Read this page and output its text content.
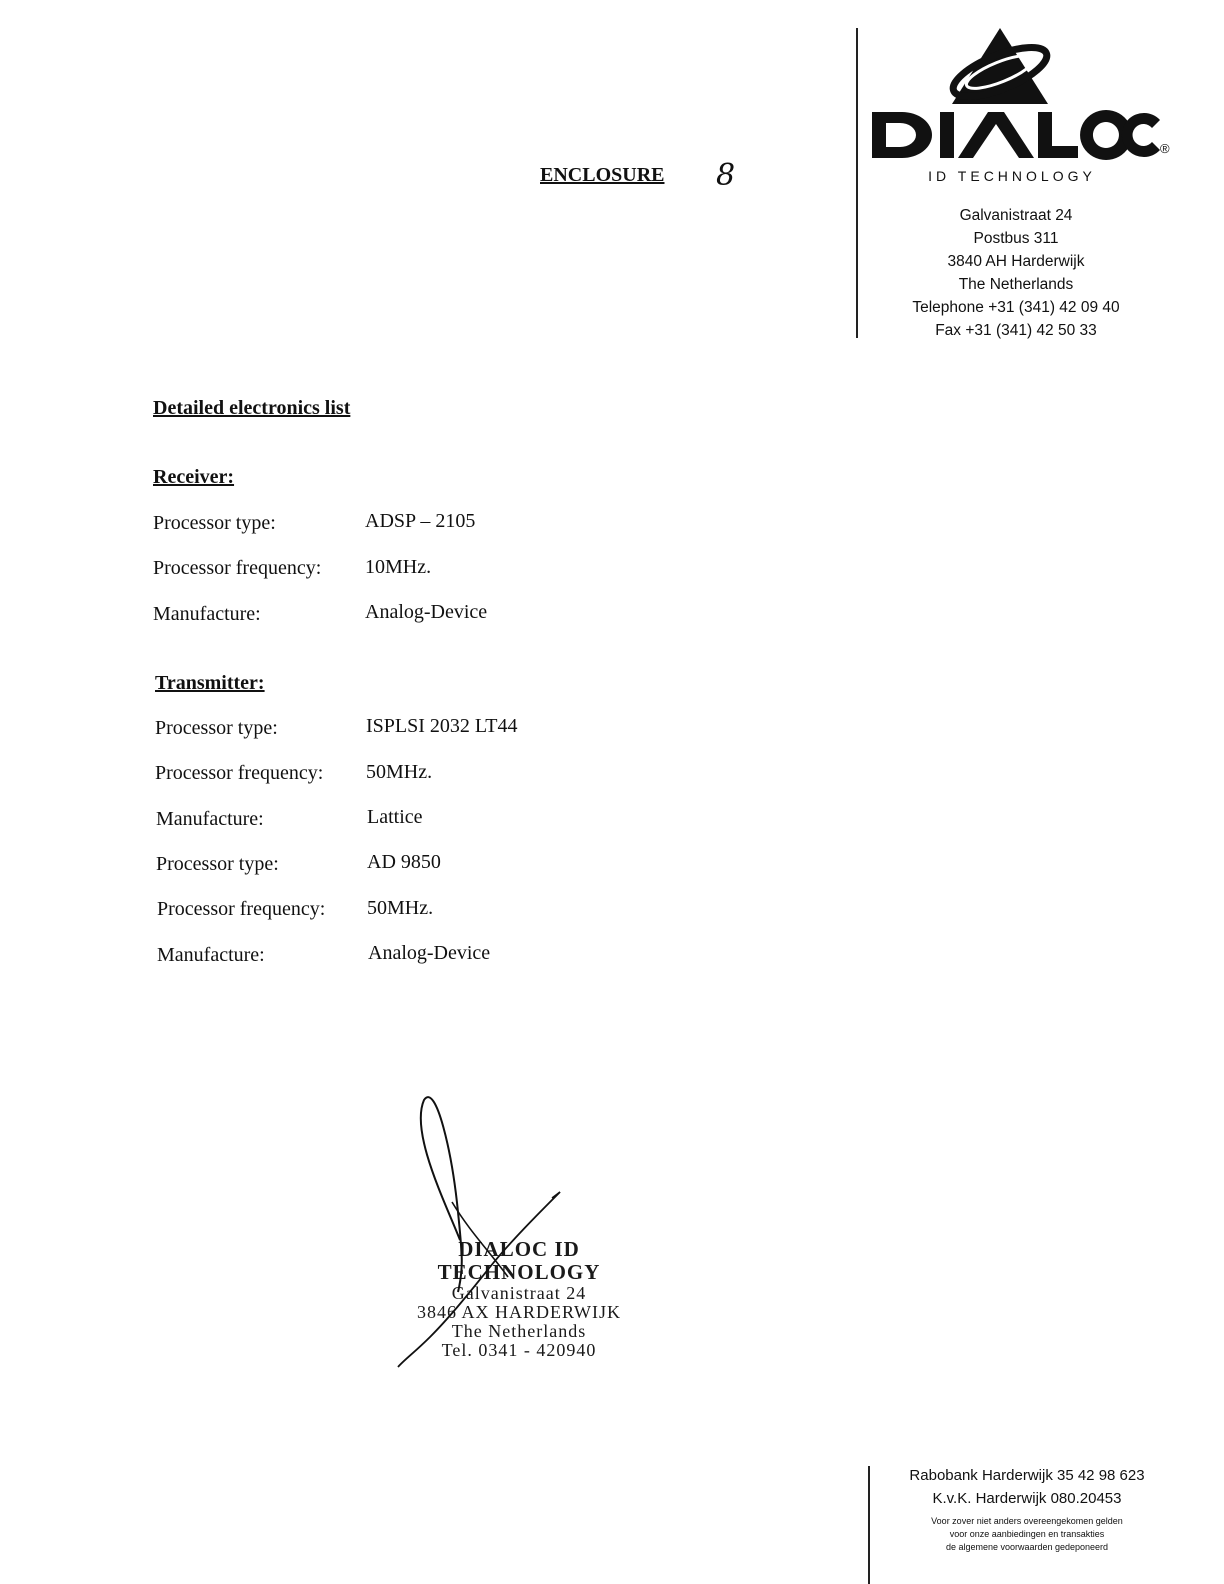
ENCLOSURE 8
®
ID TECHNOLOGY
Galvanistraat 24
Postbus 311
3840 AH Harderwijk
The Netherlands
Telephone +31 (341) 42 09 40
Fax +31 (341) 42 50 33
Detailed electronics list
Receiver:
Processor type:	ADSP – 2105
Processor frequency: 10MHz.
Manufacture:	Analog-Device
Transmitter:
Processor type:	ISPLSI 2032 LT44
Processor frequency: 50MHz.
Manufacture:	Lattice
Processor type:	AD 9850
Processor frequency: 50MHz.
Manufacture:	Analog-Device
DIALOC ID TECHNOLOGY
Galvanistraat 24
3846 AX HARDERWIJK
The Netherlands
Tel. 0341 - 420940
Rabobank Harderwijk 35 42 98 623
K.v.K. Harderwijk 080.20453
Voor zover niet anders overeengekomen gelden
voor onze aanbiedingen en transakties
de algemene voorwaarden gedeponeerd
